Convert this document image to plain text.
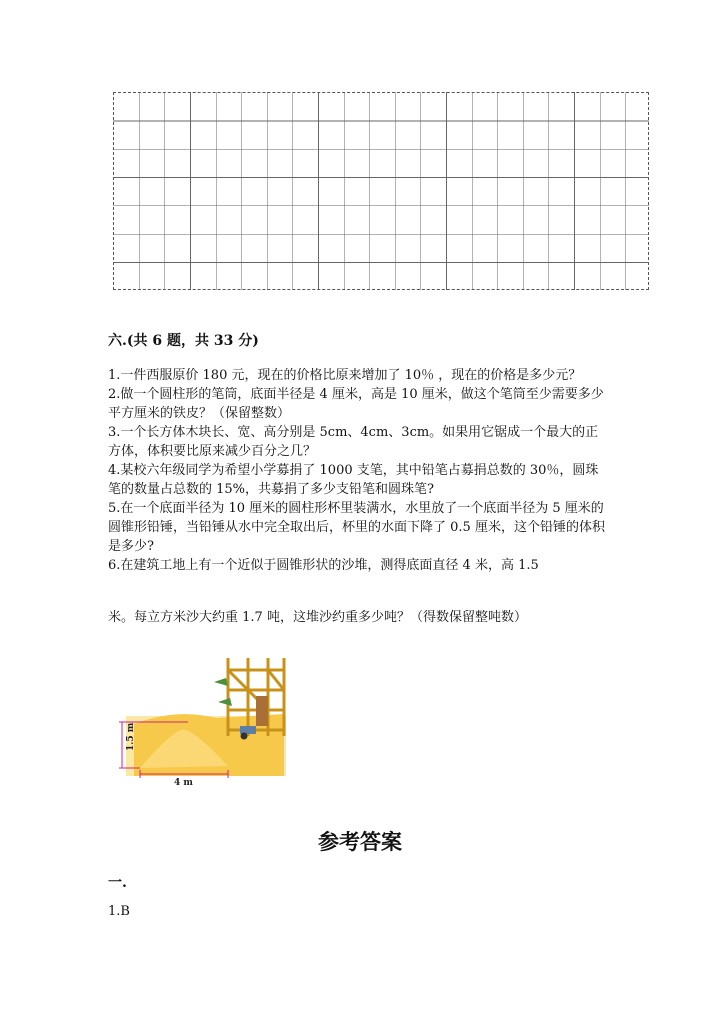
六.(共 6 题，共 33 分)

1.一件西服原价 180 元，现在的价格比原来增加了 10％ ，现在的价格是多少元？

2.做一个圆柱形的笔筒，底面半径是 4 厘米，高是 10 厘米，做这个笔筒至少需要多少平方厘米的铁皮？（保留整数）

3.一个长方体木块长、宽、高分别是 5cm、4cm、3cm。如果用它锯成一个最大的正方体，体积要比原来减少百分之几？

4.某校六年级同学为希望小学募捐了 1000 支笔，其中铅笔占募捐总数的 30％，圆珠笔的数量占总数的 15%，共募捐了多少支铅笔和圆珠笔?

5.在一个底面半径为 10 厘米的圆柱形杯里装满水，水里放了一个底面半径为 5 厘米的圆锥形铅锤，当铅锤从水中完全取出后，杯里的水面下降了 0.5 厘米，这个铅锤的体积是多少?

6.在建筑工地上有一个近似于圆锥形状的沙堆，测得底面直径 4 米，高 1.5

米。每立方米沙大约重 1.7 吨，这堆沙约重多少吨？（得数保留整吨数）
1.5 m
4 m
参考答案
一.
1.B
